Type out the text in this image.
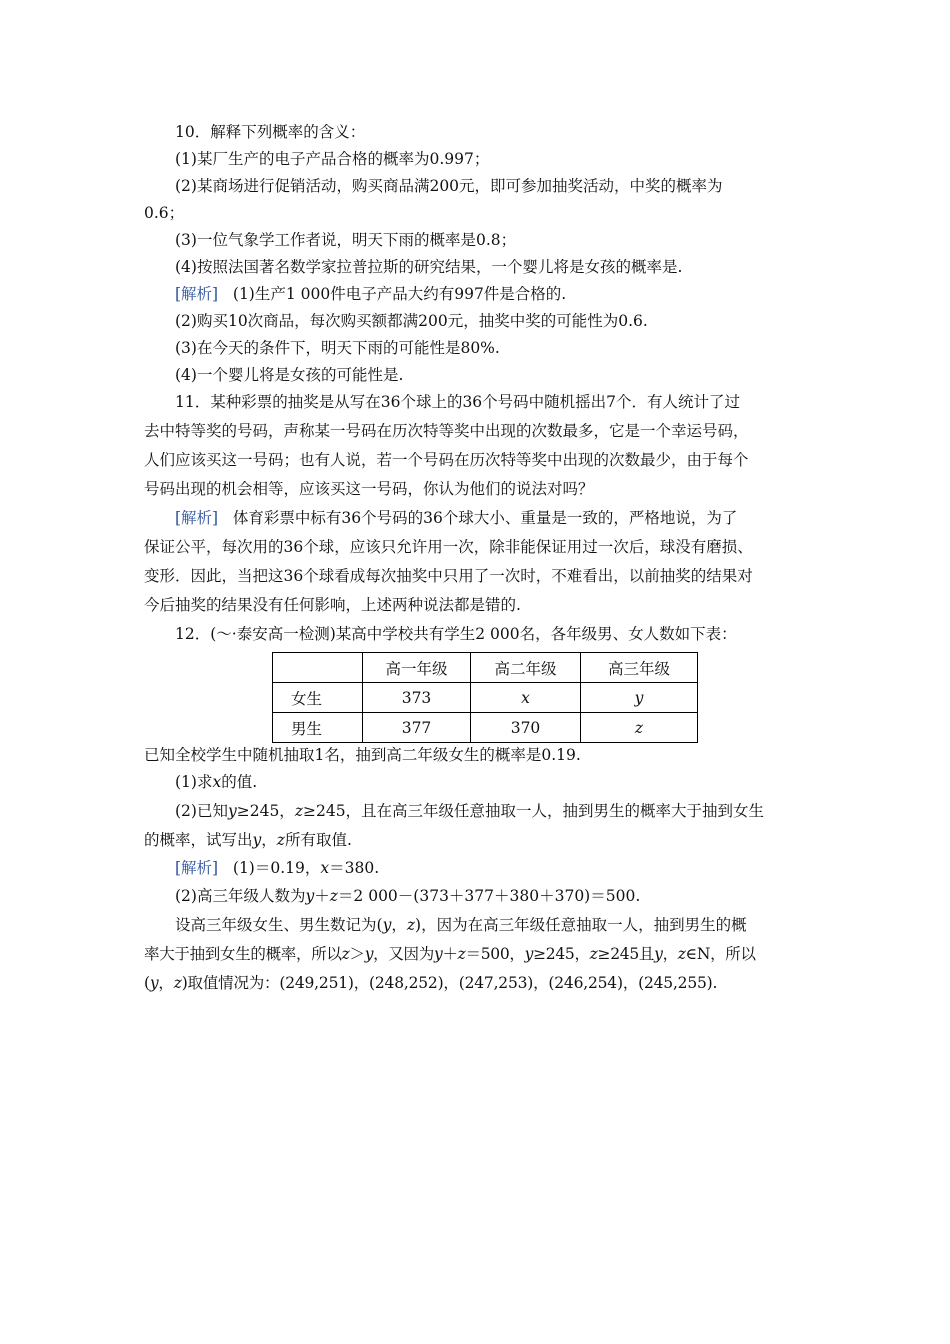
10．解释下列概率的含义：
(1)某厂生产的电子产品合格的概率为0.997；
(2)某商场进行促销活动，购买商品满200元，即可参加抽奖活动，中奖的概率为
0.6；
(3)一位气象学工作者说，明天下雨的概率是0.8；
(4)按照法国著名数学家拉普拉斯的研究结果，一个婴儿将是女孩的概率是.
[解析] (1)生产1 000件电子产品大约有997件是合格的.
(2)购买10次商品，每次购买额都满200元，抽奖中奖的可能性为0.6.
(3)在今天的条件下，明天下雨的可能性是80%.
(4)一个婴儿将是女孩的可能性是.
11．某种彩票的抽奖是从写在36个球上的36个号码中随机摇出7个．有人统计了过
去中特等奖的号码，声称某一号码在历次特等奖中出现的次数最多，它是一个幸运号码，
人们应该买这一号码；也有人说，若一个号码在历次特等奖中出现的次数最少，由于每个
号码出现的机会相等，应该买这一号码，你认为他们的说法对吗？
[解析] 体育彩票中标有36个号码的36个球大小、重量是一致的，严格地说，为了
保证公平，每次用的36个球，应该只允许用一次，除非能保证用过一次后，球没有磨损、
变形．因此，当把这36个球看成每次抽奖中只用了一次时，不难看出，以前抽奖的结果对
今后抽奖的结果没有任何影响，上述两种说法都是错的.
12．(～·泰安高一检测)某高中学校共有学生2 000名，各年级男、女人数如下表：
	高一年级	高二年级	高三年级
女生	373	x	y
男生	377	370	z
已知全校学生中随机抽取1名，抽到高二年级女生的概率是0.19.
(1)求x的值.
(2)已知y≥245，z≥245，且在高三年级任意抽取一人，抽到男生的概率大于抽到女生
的概率，试写出y，z所有取值.
[解析] (1)＝0.19，x＝380.
(2)高三年级人数为y＋z＝2 000－(373＋377＋380＋370)＝500.
设高三年级女生、男生数记为(y，z)，因为在高三年级任意抽取一人，抽到男生的概
率大于抽到女生的概率，所以z＞y，又因为y＋z＝500，y≥245，z≥245且y，z∈N，所以
(y，z)取值情况为：(249,251)，(248,252)，(247,253)，(246,254)，(245,255).
